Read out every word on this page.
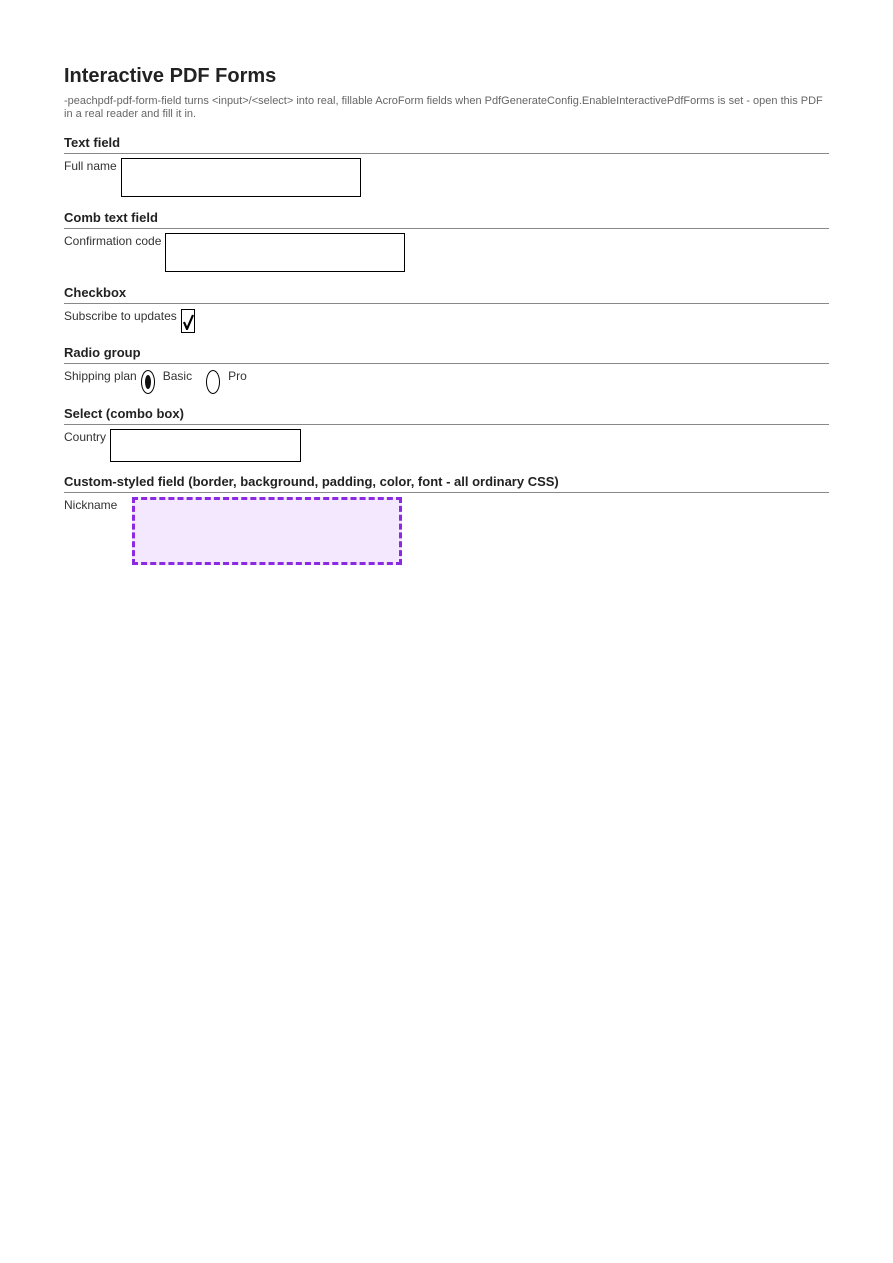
Interactive PDF Forms
-peachpdf-pdf-form-field turns <input>/<select> into real, fillable AcroForm fields when PdfGenerateConfig.EnableInteractivePdfForms is set - open this PDF in a real reader and fill it in.
Text field
Full name
Comb text field
Confirmation code
Checkbox
Subscribe to updates
Radio group
Shipping plan Basic	Pro
Select (combo box)
Country
Custom-styled field (border, background, padding, color, font - all ordinary CSS)
Nickname
